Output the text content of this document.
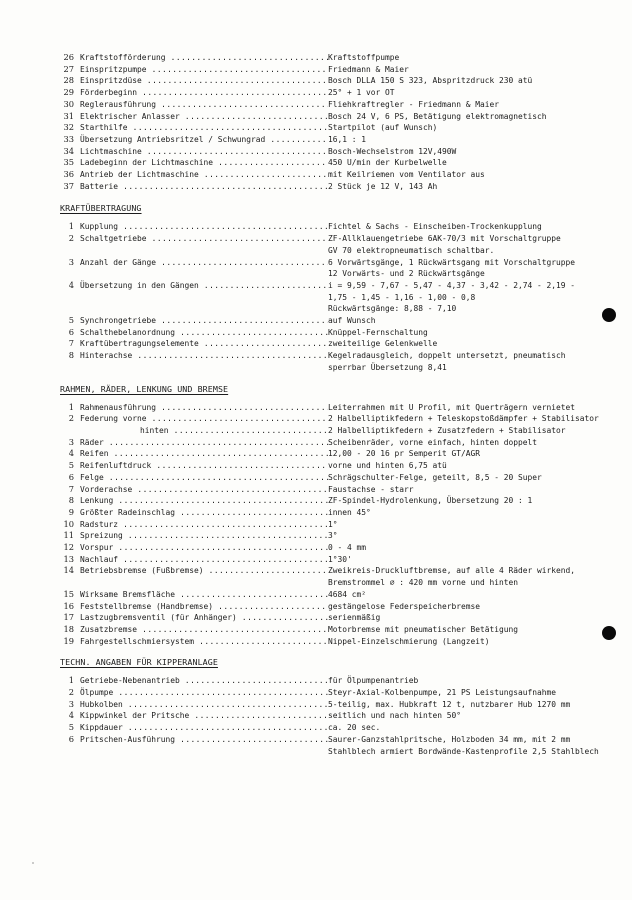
26 Kraftstofförderung .....	Kraftstoffpumpe
27 Einspritzpumpe .....	Friedmann & Maier
28 Einspritzdüse .....	Bosch DLLA 150 S 323, Abspritzdruck 230 atü
29 Förderbeginn .....	25° + 1 vor OT
30 Reglerausführung .....	Fliehkraftregler - Friedmann & Maier
31 Elektrischer Anlasser .....	Bosch 24 V, 6 PS, Betätigung elektromagnetisch
32 Starthilfe .....	Startpilot (auf Wunsch)
33 Übersetzung Antriebsritzel / Schwungrad .....	16,1 : 1
34 Lichtmaschine .....	Bosch-Wechselstrom 12V,490W
35 Ladebeginn der Lichtmaschine .....	450 U/min der Kurbelwelle
36 Antrieb der Lichtmaschine .....	mit Keilriemen vom Ventilator aus
37 Batterie .....	2 Stück je 12 V, 143 Ah
KRAFTÜBERTRAGUNG
1 Kupplung .....	Fichtel & Sachs - Einscheiben-Trockenkupplung
2 Schaltgetriebe .....	ZF-Allklauengetriebe 6AK-70/3 mit Vorschaltgruppe
GV 70 elektropneumatisch schaltbar.
3 Anzahl der Gänge .....	6 Vorwärtsgänge, 1 Rückwärtsgang mit Vorschaltgruppe
12 Vorwärts- und 2 Rückwärtsgänge
4 Übersetzung in den Gängen .....	i = 9,59 - 7,67 - 5,47 - 4,37 - 3,42 - 2,74 - 2,19 -
1,75 - 1,45 - 1,16 - 1,00 - 0,8
Rückwärtsgänge: 8,88 - 7,10
5 Synchrongetriebe .....	auf Wunsch
6 Schalthebelanordnung .....	Knüppel-Fernschaltung
7 Kraftübertragungselemente .....	zweiteilige Gelenkwelle
8 Hinterachse .....	Kegelradausgleich, doppelt untersetzt, pneumatisch
sperrbar Übersetzung 8,41
RAHMEN, RÄDER, LENKUNG UND BREMSE
1 Rahmenausführung .....	Leiterrahmen mit U Profil, mit Querträgern vernietet
2 Federung vorne .....	2 Halbelliptikfedern + Teleskopstoßdämpfer + Stabilisator
hinten .....	2 Halbelliptikfedern + Zusatzfedern + Stabilisator
3 Räder .....	Scheibenräder, vorne einfach, hinten doppelt
4 Reifen .....	12,00 - 20 16 pr Semperit GT/AGR
5 Reifenluftdruck .....	vorne und hinten 6,75 atü
6 Felge .....	Schrägschulter-Felge, geteilt, 8,5 - 20 Super
7 Vorderachse .....	Faustachse - starr
8 Lenkung .....	ZF-Spindel-Hydrolenkung, Übersetzung 20 : 1
9 Größter Radeinschlag .....	innen 45°
10 Radsturz .....	1°
11 Spreizung .....	3°
12 Vorspur .....	0 - 4 mm
13 Nachlauf .....	1°30'
14 Betriebsbremse (Fußbremse) .....	Zweikreis-Druckluftbremse, auf alle 4 Räder wirkend,
Bremstrommel ∅ : 420 mm vorne und hinten
15 Wirksame Bremsfläche .....	4684 cm²
16 Feststellbremse (Handbremse) .....	gestängelose Federspeicherbremse
17 Lastzugbremsventil (für Anhänger) .....	serienmäßig
18 Zusatzbremse .....	Motorbremse mit pneumatischer Betätigung
19 Fahrgestellschmiersystem .....	Nippel-Einzelschmierung (Langzeit)
TECHN. ANGABEN FÜR KIPPERANLAGE
1 Getriebe-Nebenantrieb .....	für Ölpumpenantrieb
2 Ölpumpe .....	Steyr-Axial-Kolbenpumpe, 21 PS Leistungsaufnahme
3 Hubkolben .....	5-teilig, max. Hubkraft 12 t, nutzbarer Hub 1270 mm
4 Kippwinkel der Pritsche .....	seitlich und nach hinten 50°
5 Kippdauer .....	ca. 20 sec.
6 Pritschen-Ausführung .....	Saurer-Ganzstahlpritsche, Holzboden 34 mm, mit 2 mm
Stahlblech armiert Bordwände-Kastenprofile 2,5 Stahlblech
